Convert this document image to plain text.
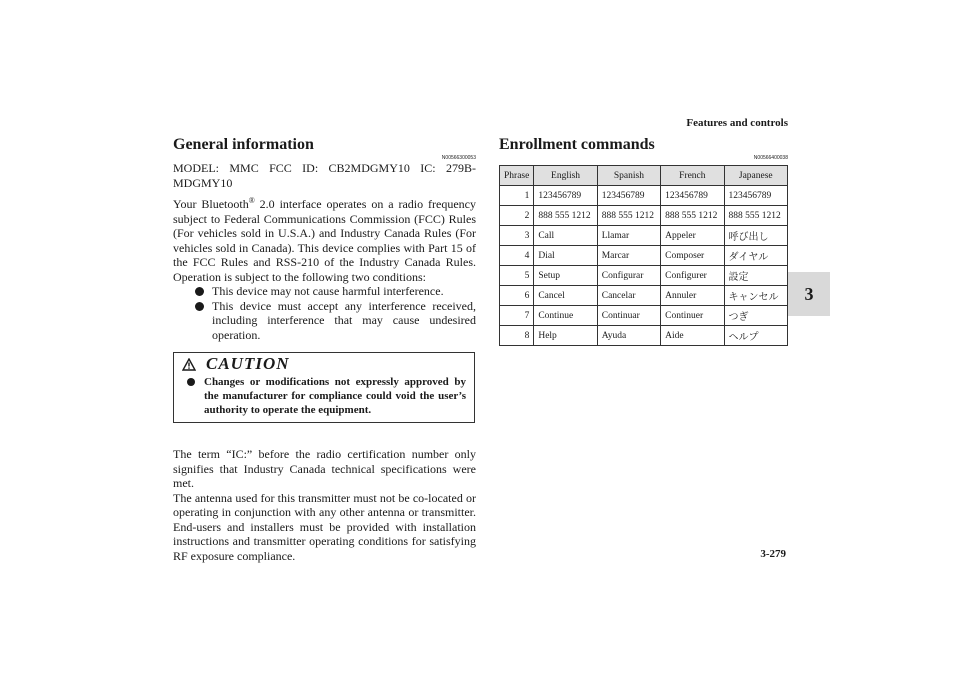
Features and controls
3
General information
N00566300053

MODEL: MMC FCC ID: CB2MDGMY10 IC: 279B-MDGMY10

Your Bluetooth® 2.0 interface operates on a radio frequency subject to Federal Communications Commission (FCC) Rules (For vehicles sold in U.S.A.) and Industry Canada Rules (For vehicles sold in Canada). This device complies with Part 15 of the FCC Rules and RSS-210 of the Industry Canada Rules. Operation is subject to the following two conditions:

This device may not cause harmful interference.
This device must accept any interference received, including interference that may cause undesired operation.
CAUTION
Changes or modifications not expressly approved by the manufacturer for compliance could void the user’s authority to operate the equipment.

The term “IC:” before the radio certification number only signifies that Industry Canada technical specifications were met.

The antenna used for this transmitter must not be co-located or operating in conjunction with any other antenna or transmitter. End-users and installers must be provided with installation instructions and transmitter operating conditions for satisfying RF exposure compliance.

Enrollment commands
N00566400038
Phrase	English	Spanish	French	Japanese
1	123456789	123456789	123456789	123456789
2	888 555 1212	888 555 1212	888 555 1212	888 555 1212
3	Call	Llamar	Appeler	呼び出し
4	Dial	Marcar	Composer	ダイヤル
5	Setup	Configurar	Configurer	設定
6	Cancel	Cancelar	Annuler	キャンセル
7	Continue	Continuar	Continuer	つぎ
8	Help	Ayuda	Aide	ヘルプ
3-279
